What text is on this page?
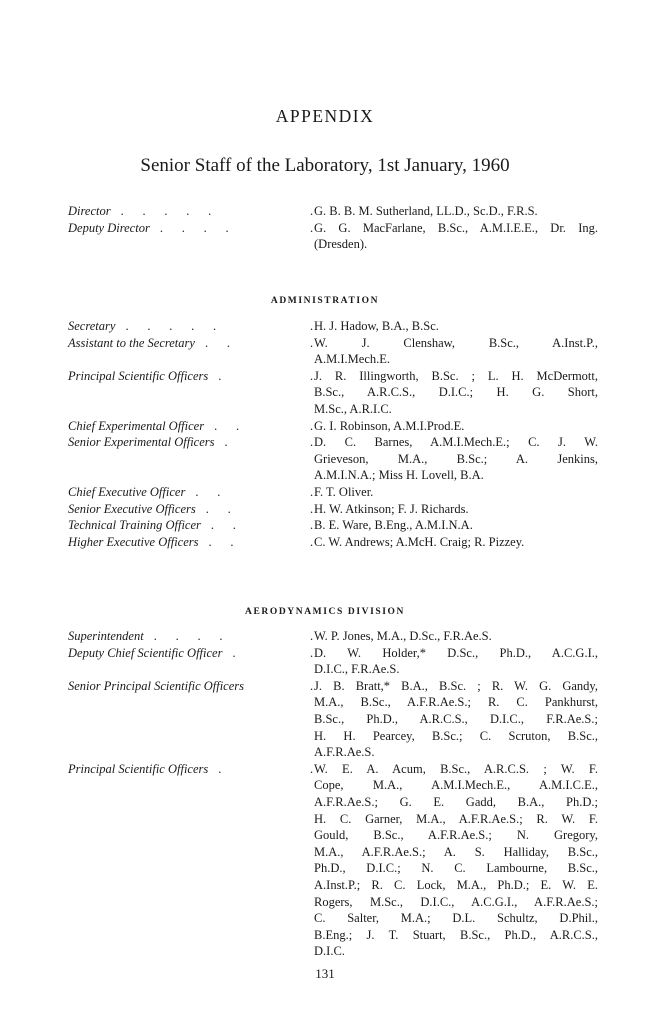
APPENDIX
Senior Staff of the Laboratory, 1st January, 1960
Director .      .      .      .      .	. G. B. B. M. Sutherland, LL.D., Sc.D., F.R.S.
Deputy Director .      .      .      .	. G. G. MacFarlane, B.Sc., A.M.I.E.E., Dr. Ing.
(Dresden).
ADMINISTRATION
Secretary .      .      .      .      .	. H. J. Hadow, B.A., B.Sc.
Assistant to the Secretary .      .	. W. J. Clenshaw, B.Sc., A.Inst.P.,
A.M.I.Mech.E.
Principal Scientific Officers .	. J. R. Illingworth, B.Sc. ; L. H. McDermott,
B.Sc., A.R.C.S., D.I.C.; H. G. Short,
M.Sc., A.R.I.C.
Chief Experimental Officer .      .	. G. I. Robinson, A.M.I.Prod.E.
Senior Experimental Officers .	. D. C. Barnes, A.M.I.Mech.E.; C. J. W.
Grieveson, M.A., B.Sc.; A. Jenkins,
A.M.I.N.A.; Miss H. Lovell, B.A.
Chief Executive Officer .      .	. F. T. Oliver.
Senior Executive Officers .      .	. H. W. Atkinson; F. J. Richards.
Technical Training Officer .      .	. B. E. Ware, B.Eng., A.M.I.N.A.
Higher Executive Officers .      .	. C. W. Andrews; A.McH. Craig; R. Pizzey.
AERODYNAMICS DIVISION
Superintendent .      .      .      .	. W. P. Jones, M.A., D.Sc., F.R.Ae.S.
Deputy Chief Scientific Officer .	. D. W. Holder,* D.Sc., Ph.D., A.C.G.I.,
D.I.C., F.R.Ae.S.
Senior Principal Scientific Officers	. J. B. Bratt,* B.A., B.Sc. ; R. W. G. Gandy,
M.A., B.Sc., A.F.R.Ae.S.; R. C. Pankhurst,
B.Sc., Ph.D., A.R.C.S., D.I.C., F.R.Ae.S.;
H. H. Pearcey, B.Sc.; C. Scruton, B.Sc.,
A.F.R.Ae.S.
Principal Scientific Officers .	. W. E. A. Acum, B.Sc., A.R.C.S. ; W. F.
Cope, M.A., A.M.I.Mech.E., A.M.I.C.E.,
A.F.R.Ae.S.; G. E. Gadd, B.A., Ph.D.;
H. C. Garner, M.A., A.F.R.Ae.S.; R. W. F.
Gould, B.Sc., A.F.R.Ae.S.; N. Gregory,
M.A., A.F.R.Ae.S.; A. S. Halliday, B.Sc.,
Ph.D., D.I.C.; N. C. Lambourne, B.Sc.,
A.Inst.P.; R. C. Lock, M.A., Ph.D.; E. W. E.
Rogers, M.Sc., D.I.C., A.C.G.I., A.F.R.Ae.S.;
C. Salter, M.A.; D.L. Schultz, D.Phil.,
B.Eng.; J. T. Stuart, B.Sc., Ph.D., A.R.C.S.,
D.I.C.
131
